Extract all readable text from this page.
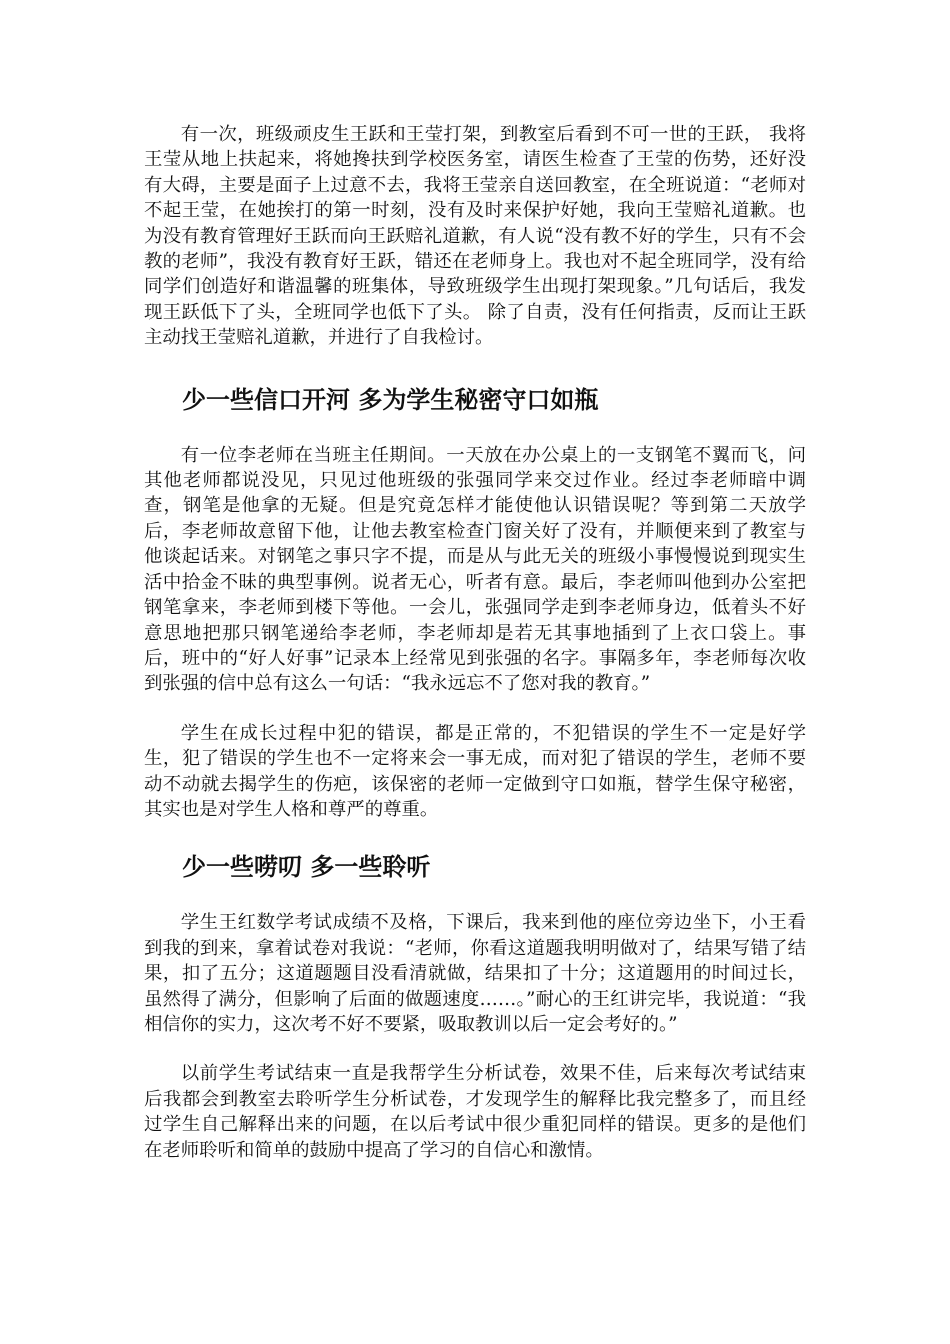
有一次，班级顽皮生王跃和王莹打架，到教室后看到不可一世的王跃， 我将王莹从地上扶起来，将她搀扶到学校医务室，请医生检查了王莹的伤势，还好没有大碍，主要是面子上过意不去，我将王莹亲自送回教室，在全班说道：“老师对不起王莹，在她挨打的第一时刻，没有及时来保护好她，我向王莹赔礼道歉。也为没有教育管理好王跃而向王跃赔礼道歉，有人说“没有教不好的学生，只有不会教的老师”，我没有教育好王跃，错还在老师身上。我也对不起全班同学，没有给同学们创造好和谐温馨的班集体，导致班级学生出现打架现象。”几句话后，我发现王跃低下了头，全班同学也低下了头。 除了自责，没有任何指责，反而让王跃主动找王莹赔礼道歉，并进行了自我检讨。

少一些信口开河 多为学生秘密守口如瓶

有一位李老师在当班主任期间。一天放在办公桌上的一支钢笔不翼而飞，问其他老师都说没见，只见过他班级的张强同学来交过作业。经过李老师暗中调查，钢笔是他拿的无疑。但是究竟怎样才能使他认识错误呢？等到第二天放学后，李老师故意留下他，让他去教室检查门窗关好了没有，并顺便来到了教室与他谈起话来。对钢笔之事只字不提，而是从与此无关的班级小事慢慢说到现实生活中拾金不昧的典型事例。说者无心，听者有意。最后，李老师叫他到办公室把钢笔拿来，李老师到楼下等他。一会儿，张强同学走到李老师身边，低着头不好意思地把那只钢笔递给李老师，李老师却是若无其事地插到了上衣口袋上。事后，班中的“好人好事”记录本上经常见到张强的名字。事隔多年，李老师每次收到张强的信中总有这么一句话：“我永远忘不了您对我的教育。”

学生在成长过程中犯的错误，都是正常的，不犯错误的学生不一定是好学生，犯了错误的学生也不一定将来会一事无成，而对犯了错误的学生，老师不要动不动就去揭学生的伤疤，该保密的老师一定做到守口如瓶，替学生保守秘密，其实也是对学生人格和尊严的尊重。

少一些唠叨 多一些聆听

学生王红数学考试成绩不及格，下课后，我来到他的座位旁边坐下，小王看到我的到来，拿着试卷对我说：“老师，你看这道题我明明做对了，结果写错了结果，扣了五分；这道题题目没看清就做，结果扣了十分；这道题用的时间过长，虽然得了满分，但影响了后面的做题速度……。”耐心的王红讲完毕，我说道：“我相信你的实力，这次考不好不要紧，吸取教训以后一定会考好的。”

以前学生考试结束一直是我帮学生分析试卷，效果不佳，后来每次考试结束后我都会到教室去聆听学生分析试卷，才发现学生的解释比我完整多了，而且经过学生自己解释出来的问题，在以后考试中很少重犯同样的错误。更多的是他们在老师聆听和简单的鼓励中提高了学习的自信心和激情。
